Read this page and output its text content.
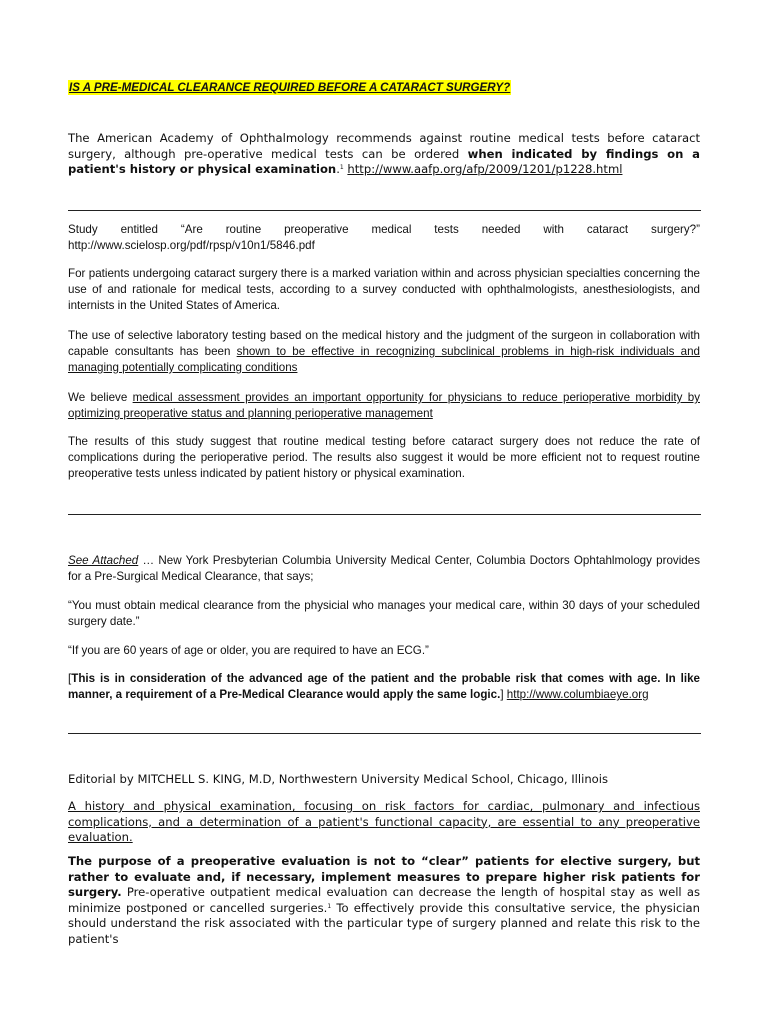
IS A PRE-MEDICAL CLEARANCE REQUIRED BEFORE A CATARACT SURGERY?

The American Academy of Ophthalmology recommends against routine medical tests before cataract surgery, although pre-operative medical tests can be ordered when indicated by findings on a patient's history or physical examination.$^1$ http://www.aafp.org/afp/2009/1201/p1228.html

Study entitled “Are routine preoperative medical tests needed with cataract surgery?” http://www.scielosp.org/pdf/rpsp/v10n1/5846.pdf

For patients undergoing cataract surgery there is a marked variation within and across physician specialties concerning the use of and rationale for medical tests, according to a survey conducted with ophthalmologists, anesthesiologists, and internists in the United States of America.

The use of selective laboratory testing based on the medical history and the judgment of the surgeon in collaboration with capable consultants has been shown to be effective in recognizing subclinical problems in high-risk individuals and managing potentially complicating conditions

We believe medical assessment provides an important opportunity for physicians to reduce perioperative morbidity by optimizing preoperative status and planning perioperative management

The results of this study suggest that routine medical testing before cataract surgery does not reduce the rate of complications during the perioperative period. The results also suggest it would be more efficient not to request routine preoperative tests unless indicated by patient history or physical examination.

See Attached … New York Presbyterian Columbia University Medical Center, Columbia Doctors Ophtahlmology provides for a Pre-Surgical Medical Clearance, that says;

“You must obtain medical clearance from the physicial who manages your medical care, within 30 days of your scheduled surgery date.”

“If you are 60 years of age or older, you are required to have an ECG.”

[This is in consideration of the advanced age of the patient and the probable risk that comes with age. In like manner, a requirement of a Pre-Medical Clearance would apply the same logic.] http://www.columbiaeye.org

Editorial by MITCHELL S. KING, M.D, Northwestern University Medical School, Chicago, Illinois

A history and physical examination, focusing on risk factors for cardiac, pulmonary and infectious complications, and a determination of a patient's functional capacity, are essential to any preoperative evaluation.

The purpose of a preoperative evaluation is not to “clear” patients for elective surgery, but rather to evaluate and, if necessary, implement measures to prepare higher risk patients for surgery. Pre-operative outpatient medical evaluation can decrease the length of hospital stay as well as minimize postponed or cancelled surgeries.$^1$ To effectively provide this consultative service, the physician should understand the risk associated with the particular type of surgery planned and relate this risk to the patient's
